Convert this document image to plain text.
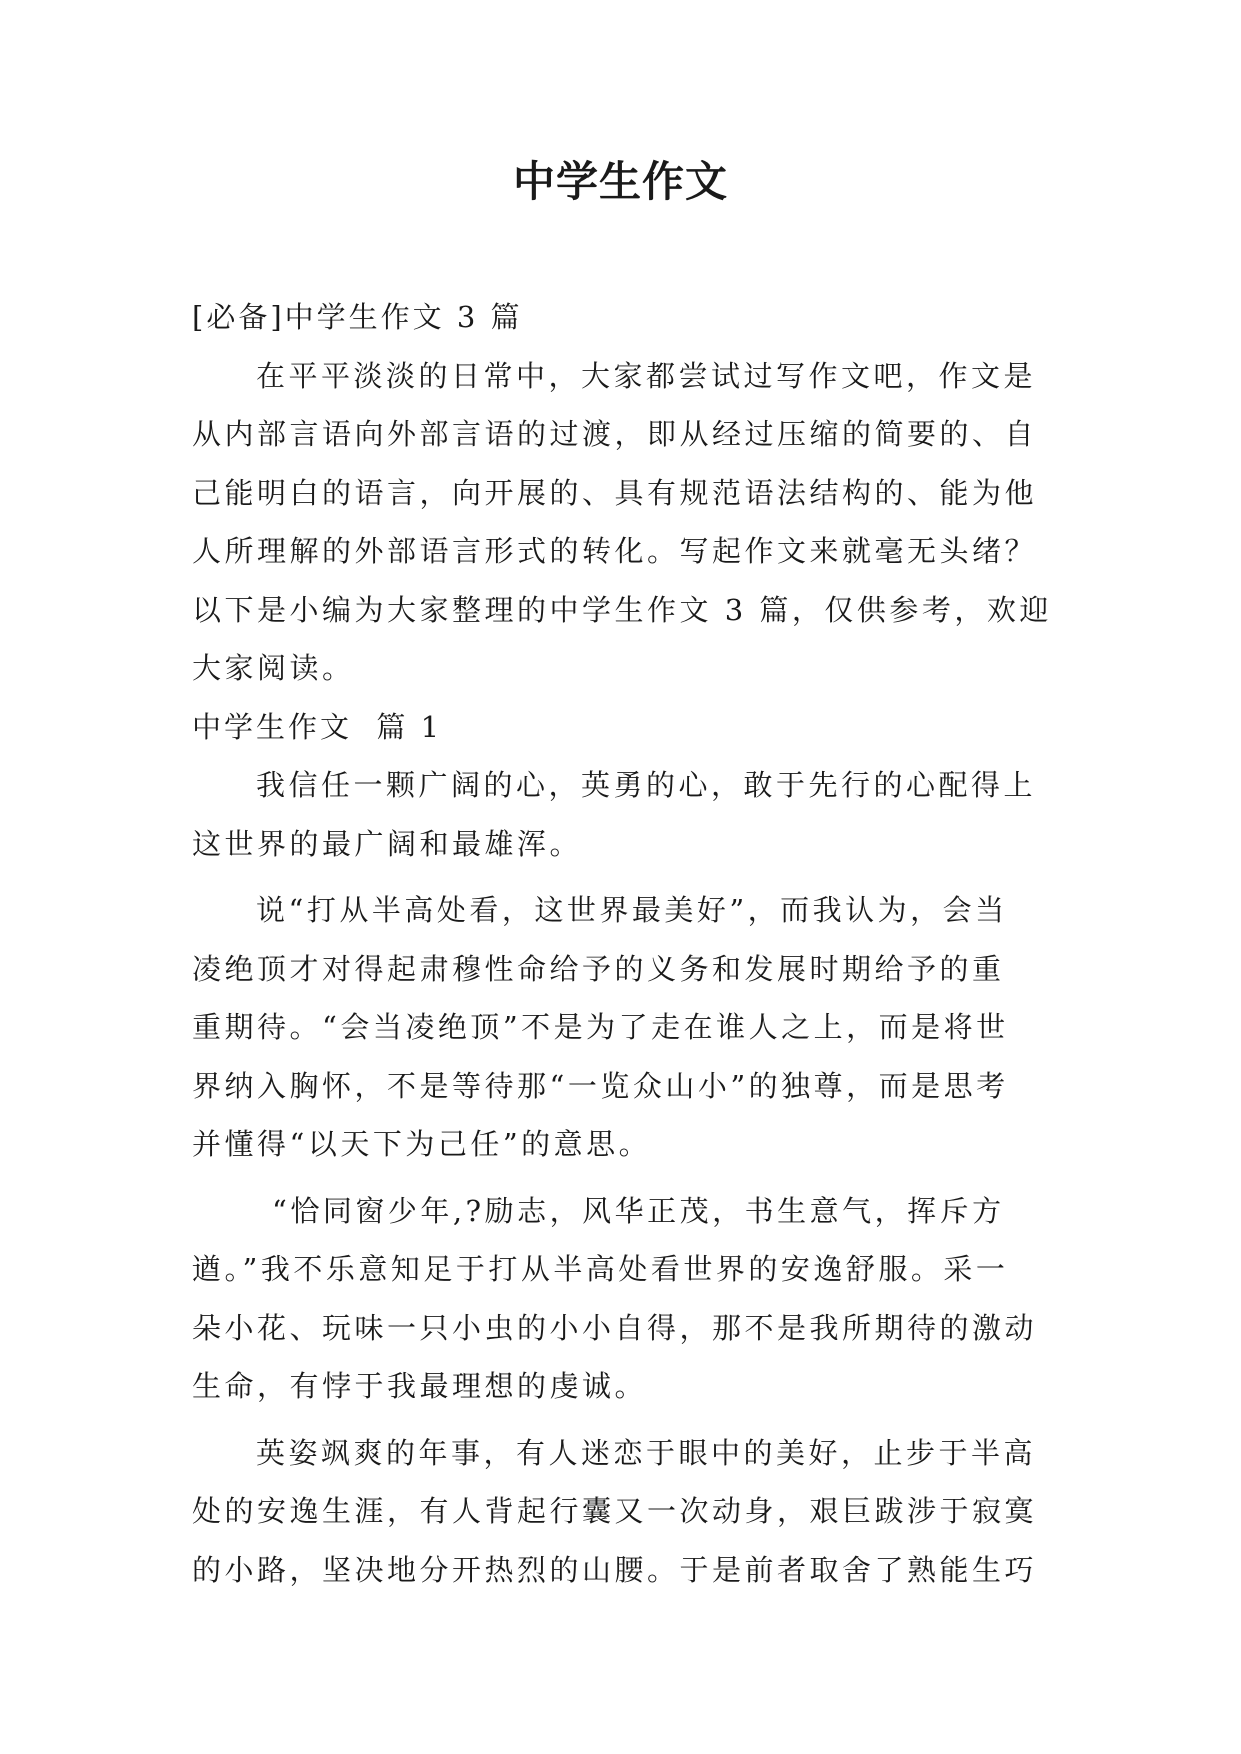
中学生作文

[必备]中学生作文 3 篇

在平平淡淡的日常中，大家都尝试过写作文吧，作文是

从内部言语向外部言语的过渡，即从经过压缩的简要的、自

己能明白的语言，向开展的、具有规范语法结构的、能为他

人所理解的外部语言形式的转化。写起作文来就毫无头绪？

以下是小编为大家整理的中学生作文 3 篇，仅供参考，欢迎

大家阅读。

中学生作文  篇 1

我信任一颗广阔的心，英勇的心，敢于先行的心配得上

这世界的最广阔和最雄浑。

说“打从半高处看，这世界最美好”，而我认为，会当

凌绝顶才对得起肃穆性命给予的义务和发展时期给予的重

重期待。“会当凌绝顶”不是为了走在谁人之上，而是将世

界纳入胸怀，不是等待那“一览众山小”的独尊，而是思考

并懂得“以天下为己任”的意思。

“恰同窗少年,?励志，风华正茂，书生意气，挥斥方

遒。”我不乐意知足于打从半高处看世界的安逸舒服。采一

朵小花、玩味一只小虫的小小自得，那不是我所期待的激动

生命，有悖于我最理想的虔诚。

英姿飒爽的年事，有人迷恋于眼中的美好，止步于半高

处的安逸生涯，有人背起行囊又一次动身，艰巨跋涉于寂寞

的小路，坚决地分开热烈的山腰。于是前者取舍了熟能生巧
